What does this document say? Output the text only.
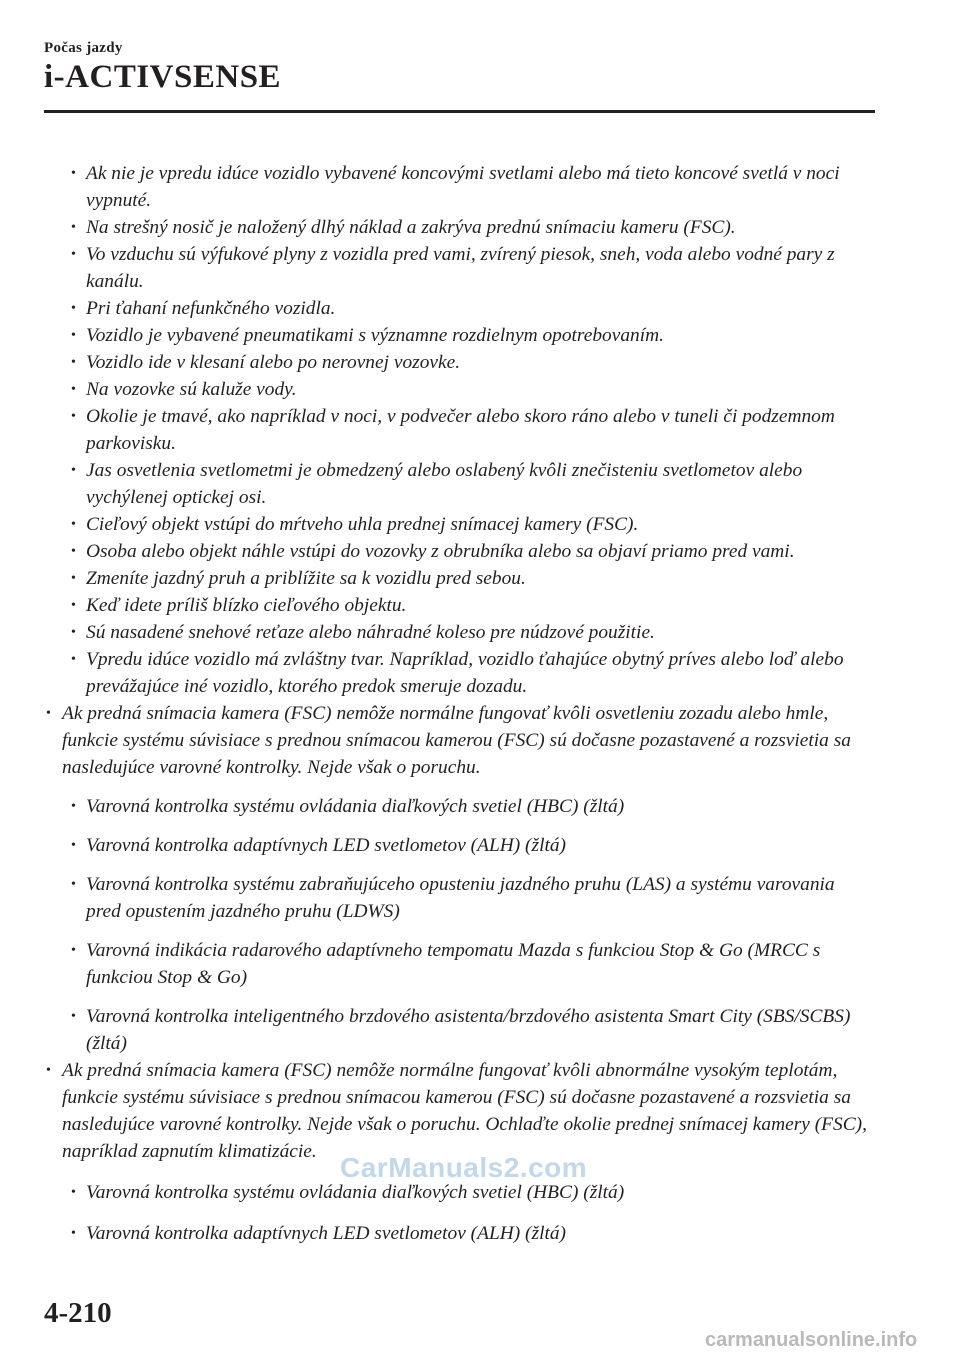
Počas jazdy
i-ACTIVSENSE
• Ak nie je vpredu idúce vozidlo vybavené koncovými svetlami alebo má tieto koncové svetlá v noci vypnuté.
• Na strešný nosič je naložený dlhý náklad a zakrýva prednú snímaciu kameru (FSC).
• Vo vzduchu sú výfukové plyny z vozidla pred vami, zvírený piesok, sneh, voda alebo vodné pary z kanálu.
• Pri ťahaní nefunkčného vozidla.
• Vozidlo je vybavené pneumatikami s významne rozdielnym opotrebovaním.
• Vozidlo ide v klesaní alebo po nerovnej vozovke.
• Na vozovke sú kaluže vody.
• Okolie je tmavé, ako napríklad v noci, v podvečer alebo skoro ráno alebo v tuneli či podzemnom parkovisku.
• Jas osvetlenia svetlometmi je obmedzený alebo oslabený kvôli znečisteniu svetlometov alebo vychýlenej optickej osi.
• Cieľový objekt vstúpi do mŕtveho uhla prednej snímacej kamery (FSC).
• Osoba alebo objekt náhle vstúpi do vozovky z obrubníka alebo sa objaví priamo pred vami.
• Zmeníte jazdný pruh a priblížite sa k vozidlu pred sebou.
• Keď idete príliš blízko cieľového objektu.
• Sú nasadené snehové reťaze alebo náhradné koleso pre núdzové použitie.
• Vpredu idúce vozidlo má zvláštny tvar. Napríklad, vozidlo ťahajúce obytný príves alebo loď alebo prevážajúce iné vozidlo, ktorého predok smeruje dozadu.
• Ak predná snímacia kamera (FSC) nemôže normálne fungovať kvôli osvetleniu zozadu alebo hmle, funkcie systému súvisiace s prednou snímacou kamerou (FSC) sú dočasne pozastavené a rozsvietia sa nasledujúce varovné kontrolky. Nejde však o poruchu.
• Varovná kontrolka systému ovládania diaľkových svetiel (HBC) (žltá)
• Varovná kontrolka adaptívnych LED svetlometov (ALH) (žltá)
• Varovná kontrolka systému zabraňujúceho opusteniu jazdného pruhu (LAS) a systému varovania pred opustením jazdného pruhu (LDWS)
• Varovná indikácia radarového adaptívneho tempomatu Mazda s funkciou Stop & Go (MRCC s funkciou Stop & Go)
• Varovná kontrolka inteligentného brzdového asistenta/brzdového asistenta Smart City (SBS/SCBS) (žltá)
• Ak predná snímacia kamera (FSC) nemôže normálne fungovať kvôli abnormálne vysokým teplotám, funkcie systému súvisiace s prednou snímacou kamerou (FSC) sú dočasne pozastavené a rozsvietia sa nasledujúce varovné kontrolky. Nejde však o poruchu. Ochlaďte okolie prednej snímacej kamery (FSC), napríklad zapnutím klimatizácie.
• Varovná kontrolka systému ovládania diaľkových svetiel (HBC) (žltá)
• Varovná kontrolka adaptívnych LED svetlometov (ALH) (žltá)
CarManuals2.com
4-210
carmanualsonline.info
